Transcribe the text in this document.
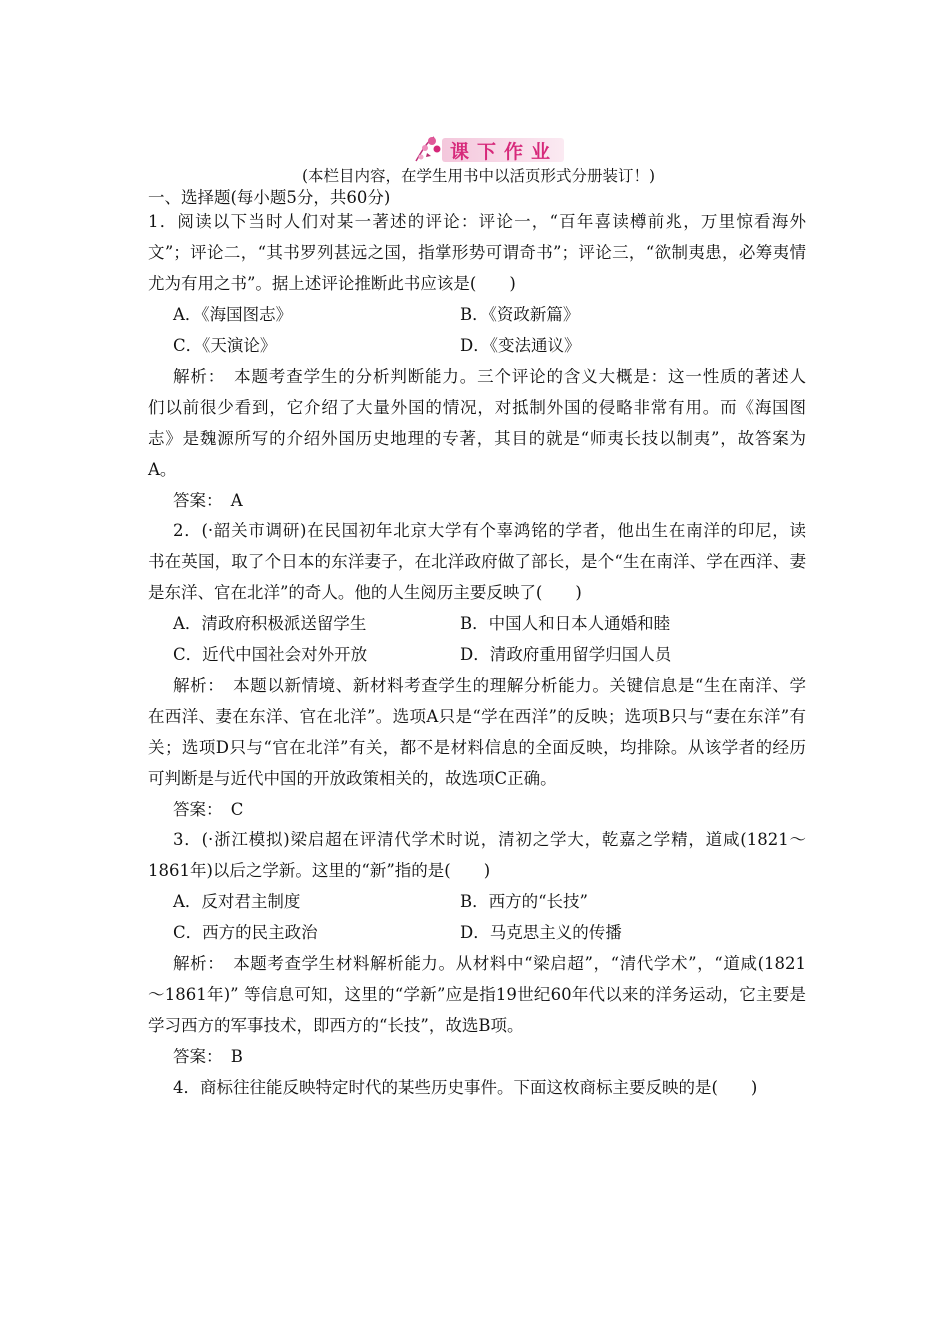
课下作业
(本栏目内容，在学生用书中以活页形式分册装订！)
一、选择题(每小题5分，共60分)
1．阅读以下当时人们对某一著述的评论：评论一，“百年喜读樽前兆，万里惊看海外
文”；评论二，“其书罗列甚远之国，指掌形势可谓奇书”；评论三，“欲制夷患，必筹夷情
尤为有用之书”。据上述评论推断此书应该是(　　)
A．《海国图志》	B．《资政新篇》
C．《天演论》	D．《变法通议》
解析：　本题考查学生的分析判断能力。三个评论的含义大概是：这一性质的著述人
们以前很少看到，它介绍了大量外国的情况，对抵制外国的侵略非常有用。而《海国图
志》是魏源所写的介绍外国历史地理的专著，其目的就是“师夷长技以制夷”，故答案为
A。
答案：　A
2．(·韶关市调研)在民国初年北京大学有个辜鸿铭的学者，他出生在南洋的印尼，读
书在英国，取了个日本的东洋妻子，在北洋政府做了部长，是个“生在南洋、学在西洋、妻
是东洋、官在北洋”的奇人。他的人生阅历主要反映了(　　)
A．清政府积极派送留学生	B．中国人和日本人通婚和睦
C．近代中国社会对外开放	D．清政府重用留学归国人员
解析：　本题以新情境、新材料考查学生的理解分析能力。关键信息是“生在南洋、学
在西洋、妻在东洋、官在北洋”。选项A只是“学在西洋”的反映；选项B只与“妻在东洋”有
关；选项D只与“官在北洋”有关，都不是材料信息的全面反映，均排除。从该学者的经历
可判断是与近代中国的开放政策相关的，故选项C正确。
答案：　C
3．(·浙江模拟)梁启超在评清代学术时说，清初之学大，乾嘉之学精，道咸(1821～
1861年)以后之学新。这里的“新”指的是(　　)
A．反对君主制度	B．西方的“长技”
C．西方的民主政治	D．马克思主义的传播
解析：　本题考查学生材料解析能力。从材料中“梁启超”，“清代学术”，“道咸(1821
～1861年)” 等信息可知，这里的“学新”应是指19世纪60年代以来的洋务运动，它主要是
学习西方的军事技术，即西方的“长技”，故选B项。
答案：　B
4．商标往往能反映特定时代的某些历史事件。下面这枚商标主要反映的是(　　)
